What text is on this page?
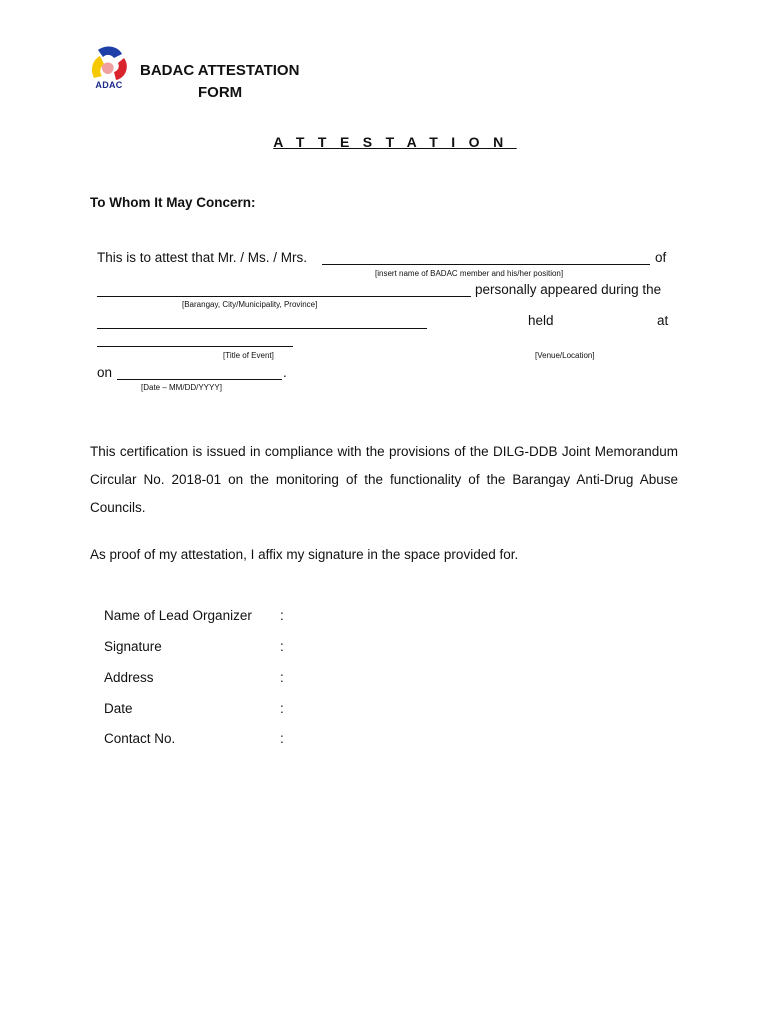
ADAC
BADAC ATTESTATION
FORM
ATTESTATION
To Whom It May Concern:
This is to attest that Mr. / Ms. / Mrs.	of
[insert name of BADAC member and his/her position]
personally appeared during the
[Barangay, City/Municipality, Province]
held	at
[Title of Event]	[Venue/Location]
on	.
[Date – MM/DD/YYYY]
This certification is issued in compliance with the provisions of the DILG-DDB Joint Memorandum Circular No. 2018-01 on the monitoring of the functionality of the Barangay Anti-Drug Abuse Councils.
As proof of my attestation, I affix my signature in the space provided for.
Name of Lead Organizer :
Signature	:
Address	:
Date	:
Contact No.	:
